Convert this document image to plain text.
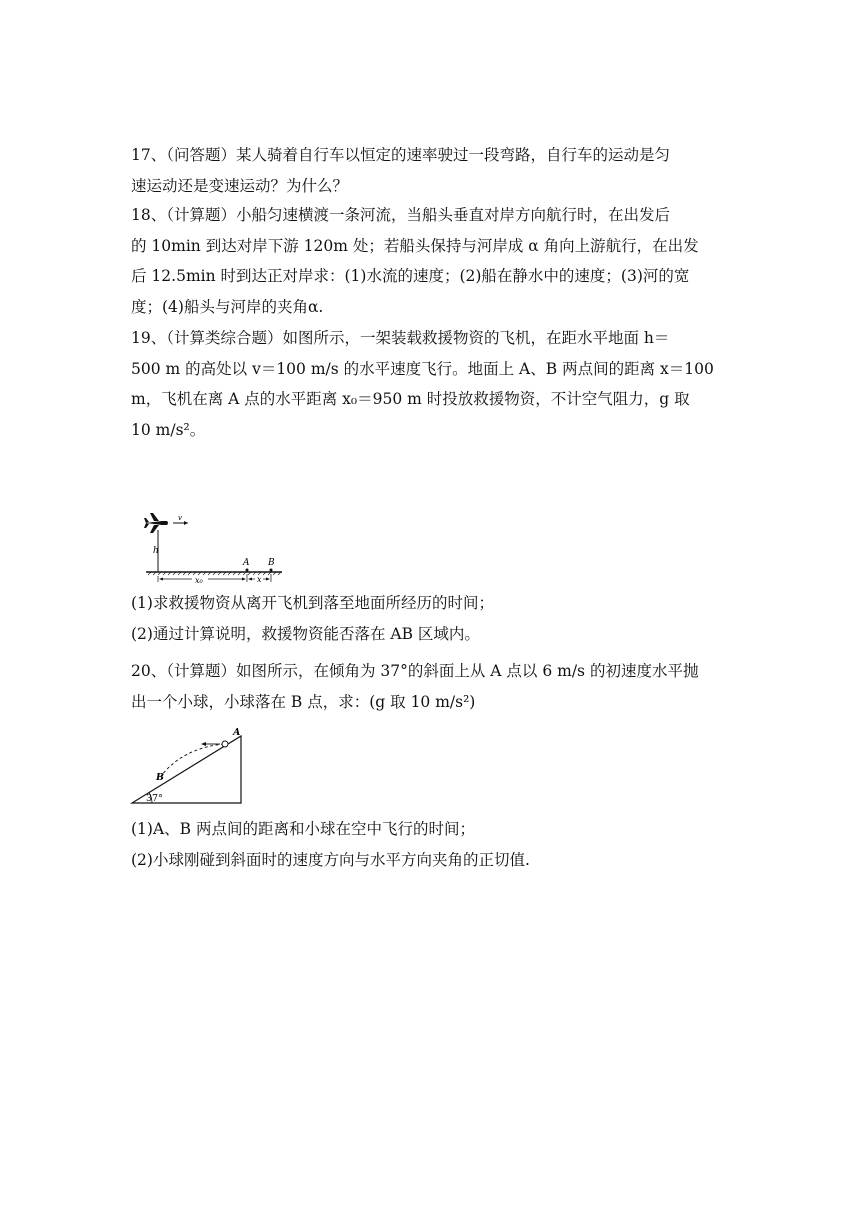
17、（问答题）某人骑着自行车以恒定的速率驶过一段弯路，自行车的运动是匀
速运动还是变速运动？为什么？
18、（计算题）小船匀速横渡一条河流，当船头垂直对岸方向航行时，在出发后
的 10min 到达对岸下游 120m 处；若船头保持与河岸成 α 角向上游航行，在出发
后 12.5min 时到达正对岸求：(1)水流的速度；(2)船在静水中的速度；(3)河的宽
度；(4)船头与河岸的夹角α.
19、（计算类综合题）如图所示，一架装载救援物资的飞机，在距水平地面 h＝
500 m 的高处以 v＝100 m/s 的水平速度飞行。地面上 A、B 两点间的距离 x＝100
m，飞机在离 A 点的水平距离 x₀＝950 m 时投放救援物资，不计空气阻力，g 取
10 m/s²。
v
h
A B
x₀	x
(1)求救援物资从离开飞机到落至地面所经历的时间；
(2)通过计算说明，救援物资能否落在 AB 区域内。
20、（计算题）如图所示，在倾角为 37°的斜面上从 A 点以 6 m/s 的初速度水平抛
出一个小球，小球落在 B 点，求：(g 取 10 m/s²)
37°
A
B
(1)A、B 两点间的距离和小球在空中飞行的时间；
(2)小球刚碰到斜面时的速度方向与水平方向夹角的正切值.
